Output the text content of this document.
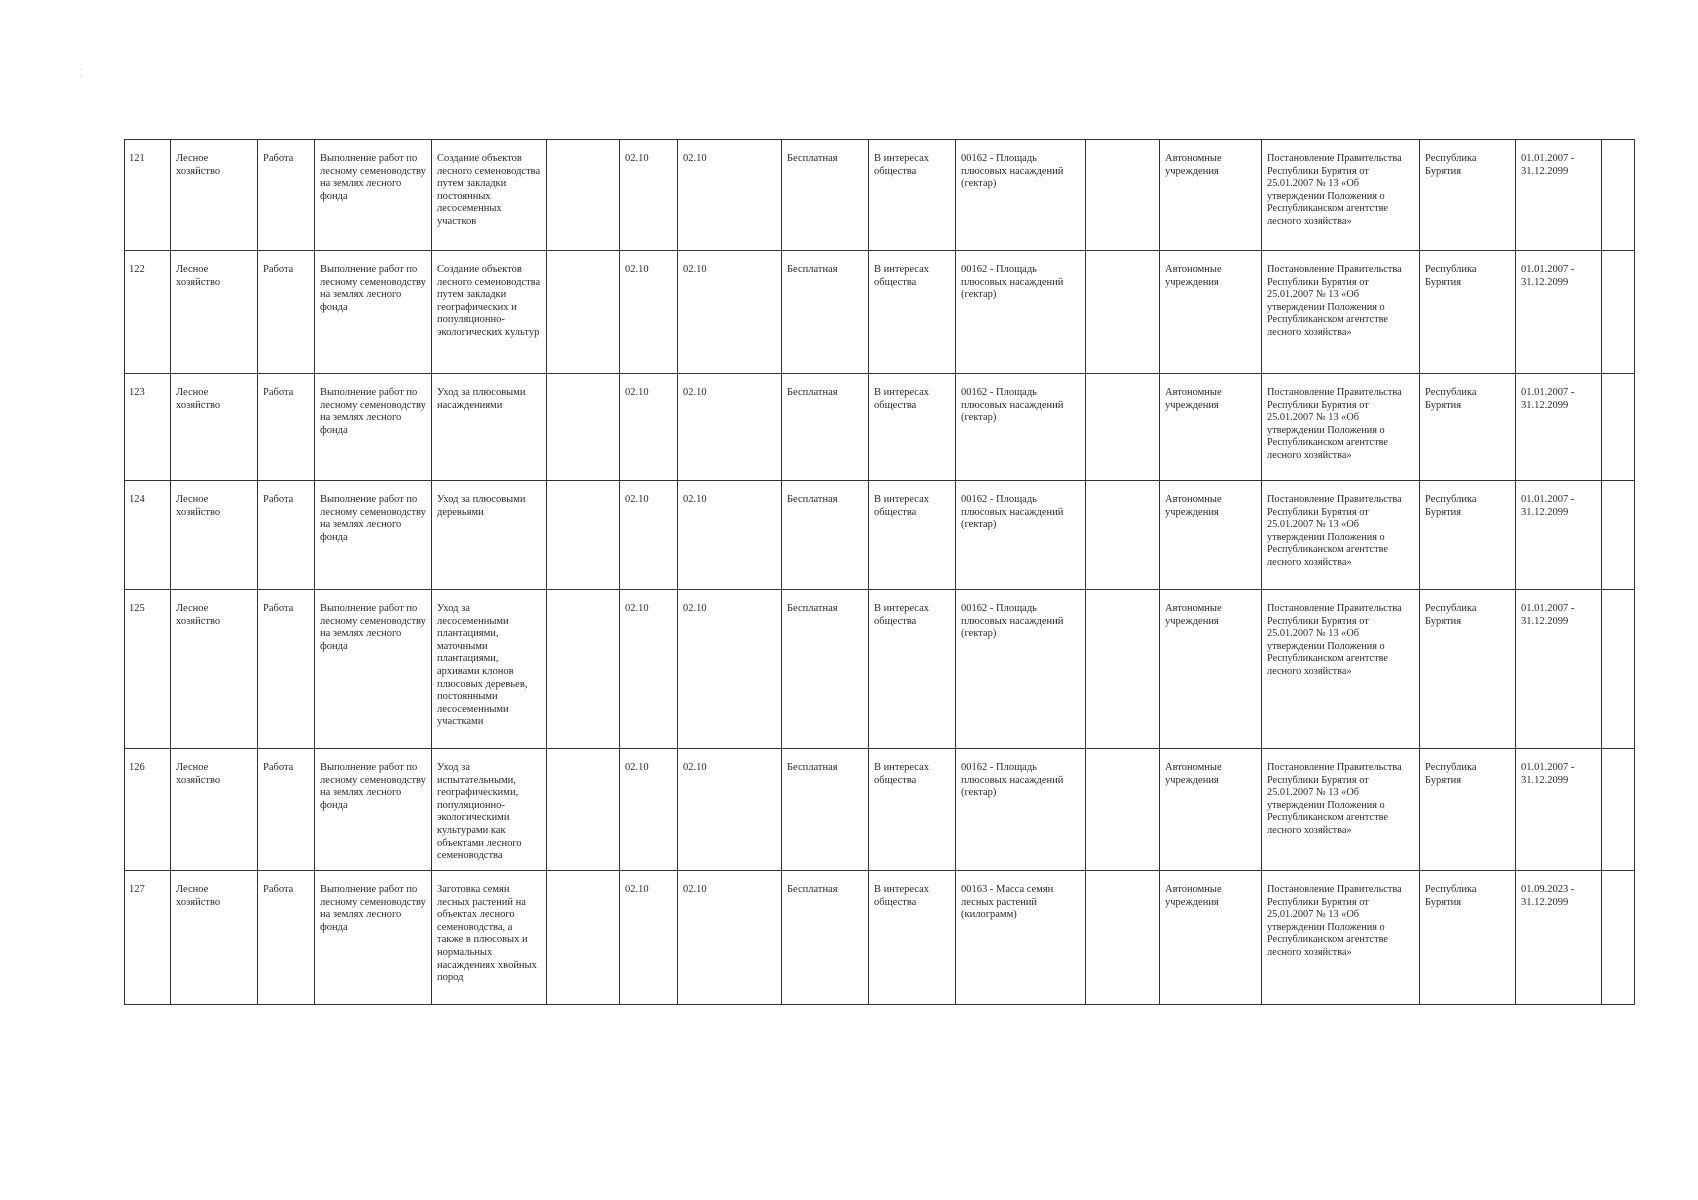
·
·
121	Лесное хозяйство	Работа	Выполнение работ по лесному семеноводству на землях лесного фонда	Создание объектов лесного семеноводства путем закладки постоянных лесосеменных участков		02.10	02.10	Бесплатная	В интересах общества	00162 - Площадь плюсовых насаждений (гектар)		Автономные учреждения	Постановление Правительства Республики Бурятия от 25.01.2007 № 13 «Об утверждении Положения о Республиканском агентстве лесного хозяйства»	Республика Бурятия	01.01.2007 - 31.12.2099	
122	Лесное хозяйство	Работа	Выполнение работ по лесному семеноводству на землях лесного фонда	Создание объектов лесного семеноводства путем закладки географических и популяционно-экологических культур		02.10	02.10	Бесплатная	В интересах общества	00162 - Площадь плюсовых насаждений (гектар)		Автономные учреждения	Постановление Правительства Республики Бурятия от 25.01.2007 № 13 «Об утверждении Положения о Республиканском агентстве лесного хозяйства»	Республика Бурятия	01.01.2007 - 31.12.2099	
123	Лесное хозяйство	Работа	Выполнение работ по лесному семеноводству на землях лесного фонда	Уход за плюсовыми насаждениями		02.10	02.10	Бесплатная	В интересах общества	00162 - Площадь плюсовых насаждений (гектар)		Автономные учреждения	Постановление Правительства Республики Бурятия от 25.01.2007 № 13 «Об утверждении Положения о Республиканском агентстве лесного хозяйства»	Республика Бурятия	01.01.2007 - 31.12.2099	
124	Лесное хозяйство	Работа	Выполнение работ по лесному семеноводству на землях лесного фонда	Уход за плюсовыми деревьями		02.10	02.10	Бесплатная	В интересах общества	00162 - Площадь плюсовых насаждений (гектар)		Автономные учреждения	Постановление Правительства Республики Бурятия от 25.01.2007 № 13 «Об утверждении Положения о Республиканском агентстве лесного хозяйства»	Республика Бурятия	01.01.2007 - 31.12.2099	
125	Лесное хозяйство	Работа	Выполнение работ по лесному семеноводству на землях лесного фонда	Уход за лесосеменными плантациями, маточными плантациями, архивами клонов плюсовых деревьев, постоянными лесосеменными участками		02.10	02.10	Бесплатная	В интересах общества	00162 - Площадь плюсовых насаждений (гектар)		Автономные учреждения	Постановление Правительства Республики Бурятия от 25.01.2007 № 13 «Об утверждении Положения о Республиканском агентстве лесного хозяйства»	Республика Бурятия	01.01.2007 - 31.12.2099	
126	Лесное хозяйство	Работа	Выполнение работ по лесному семеноводству на землях лесного фонда	Уход за испытательными, географическими, популяционно-экологическими культурами как объектами лесного семеноводства		02.10	02.10	Бесплатная	В интересах общества	00162 - Площадь плюсовых насаждений (гектар)		Автономные учреждения	Постановление Правительства Республики Бурятия от 25.01.2007 № 13 «Об утверждении Положения о Республиканском агентстве лесного хозяйства»	Республика Бурятия	01.01.2007 - 31.12.2099	
127	Лесное хозяйство	Работа	Выполнение работ по лесному семеноводству на землях лесного фонда	Заготовка семян лесных растений на объектах лесного семеноводства, а также в плюсовых и нормальных насаждениях хвойных пород		02.10	02.10	Бесплатная	В интересах общества	00163 - Масса семян лесных растений (килограмм)		Автономные учреждения	Постановление Правительства Республики Бурятия от 25.01.2007 № 13 «Об утверждении Положения о Республиканском агентстве лесного хозяйства»	Республика Бурятия	01.09.2023 - 31.12.2099	
